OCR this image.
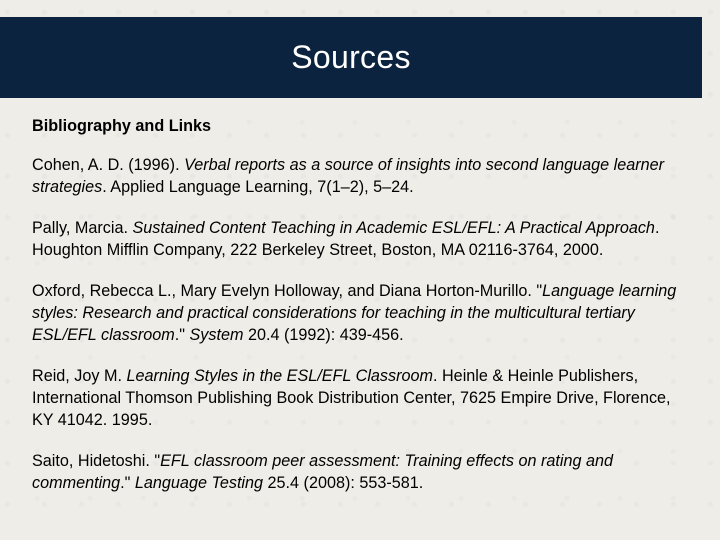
Sources

Bibliography and Links

Cohen, A. D. (1996). Verbal reports as a source of insights into second language learner strategies. Applied Language Learning, 7(1–2), 5–24.

Pally, Marcia. Sustained Content Teaching in Academic ESL/EFL: A Practical Approach. Houghton Mifflin Company, 222 Berkeley Street, Boston, MA 02116-3764, 2000.

Oxford, Rebecca L., Mary Evelyn Holloway, and Diana Horton-Murillo. "Language learning styles: Research and practical considerations for teaching in the multicultural tertiary ESL/EFL classroom." System 20.4 (1992): 439-456.

Reid, Joy M. Learning Styles in the ESL/EFL Classroom. Heinle & Heinle Publishers, International Thomson Publishing Book Distribution Center, 7625 Empire Drive, Florence, KY 41042. 1995.

Saito, Hidetoshi. "EFL classroom peer assessment: Training effects on rating and commenting." Language Testing 25.4 (2008): 553-581.
